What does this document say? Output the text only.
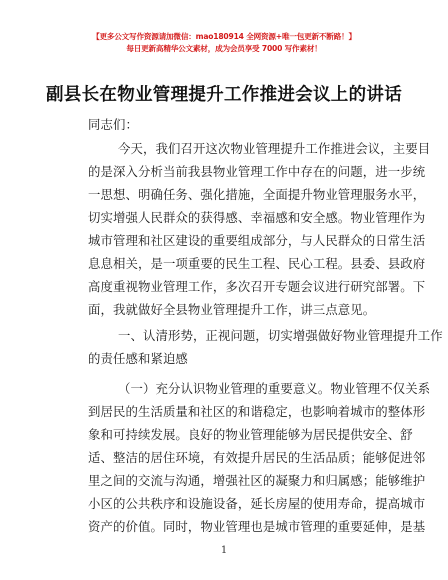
【更多公文写作资源请加微信：mao180914 全网资源+唯一包更新不断路！】
每日更新高精华公文素材，成为会员享受 7000 写作素材！
副县长在物业管理提升工作推进会议上的讲话
同志们：
今天，我们召开这次物业管理提升工作推进会议，主要目
的是深入分析当前我县物业管理工作中存在的问题，进一步统
一思想、明确任务、强化措施，全面提升物业管理服务水平，
切实增强人民群众的获得感、幸福感和安全感。物业管理作为
城市管理和社区建设的重要组成部分，与人民群众的日常生活
息息相关，是一项重要的民生工程、民心工程。县委、县政府
高度重视物业管理工作，多次召开专题会议进行研究部署。下
面，我就做好全县物业管理提升工作，讲三点意见。
一、认清形势，正视问题，切实增强做好物业管理提升工作
的责任感和紧迫感
（一）充分认识物业管理的重要意义。物业管理不仅关系
到居民的生活质量和社区的和谐稳定，也影响着城市的整体形
象和可持续发展。良好的物业管理能够为居民提供安全、舒
适、整洁的居住环境，有效提升居民的生活品质；能够促进邻
里之间的交流与沟通，增强社区的凝聚力和归属感；能够维护
小区的公共秩序和设施设备，延长房屋的使用寿命，提高城市
资产的价值。同时，物业管理也是城市管理的重要延伸，是基
1
